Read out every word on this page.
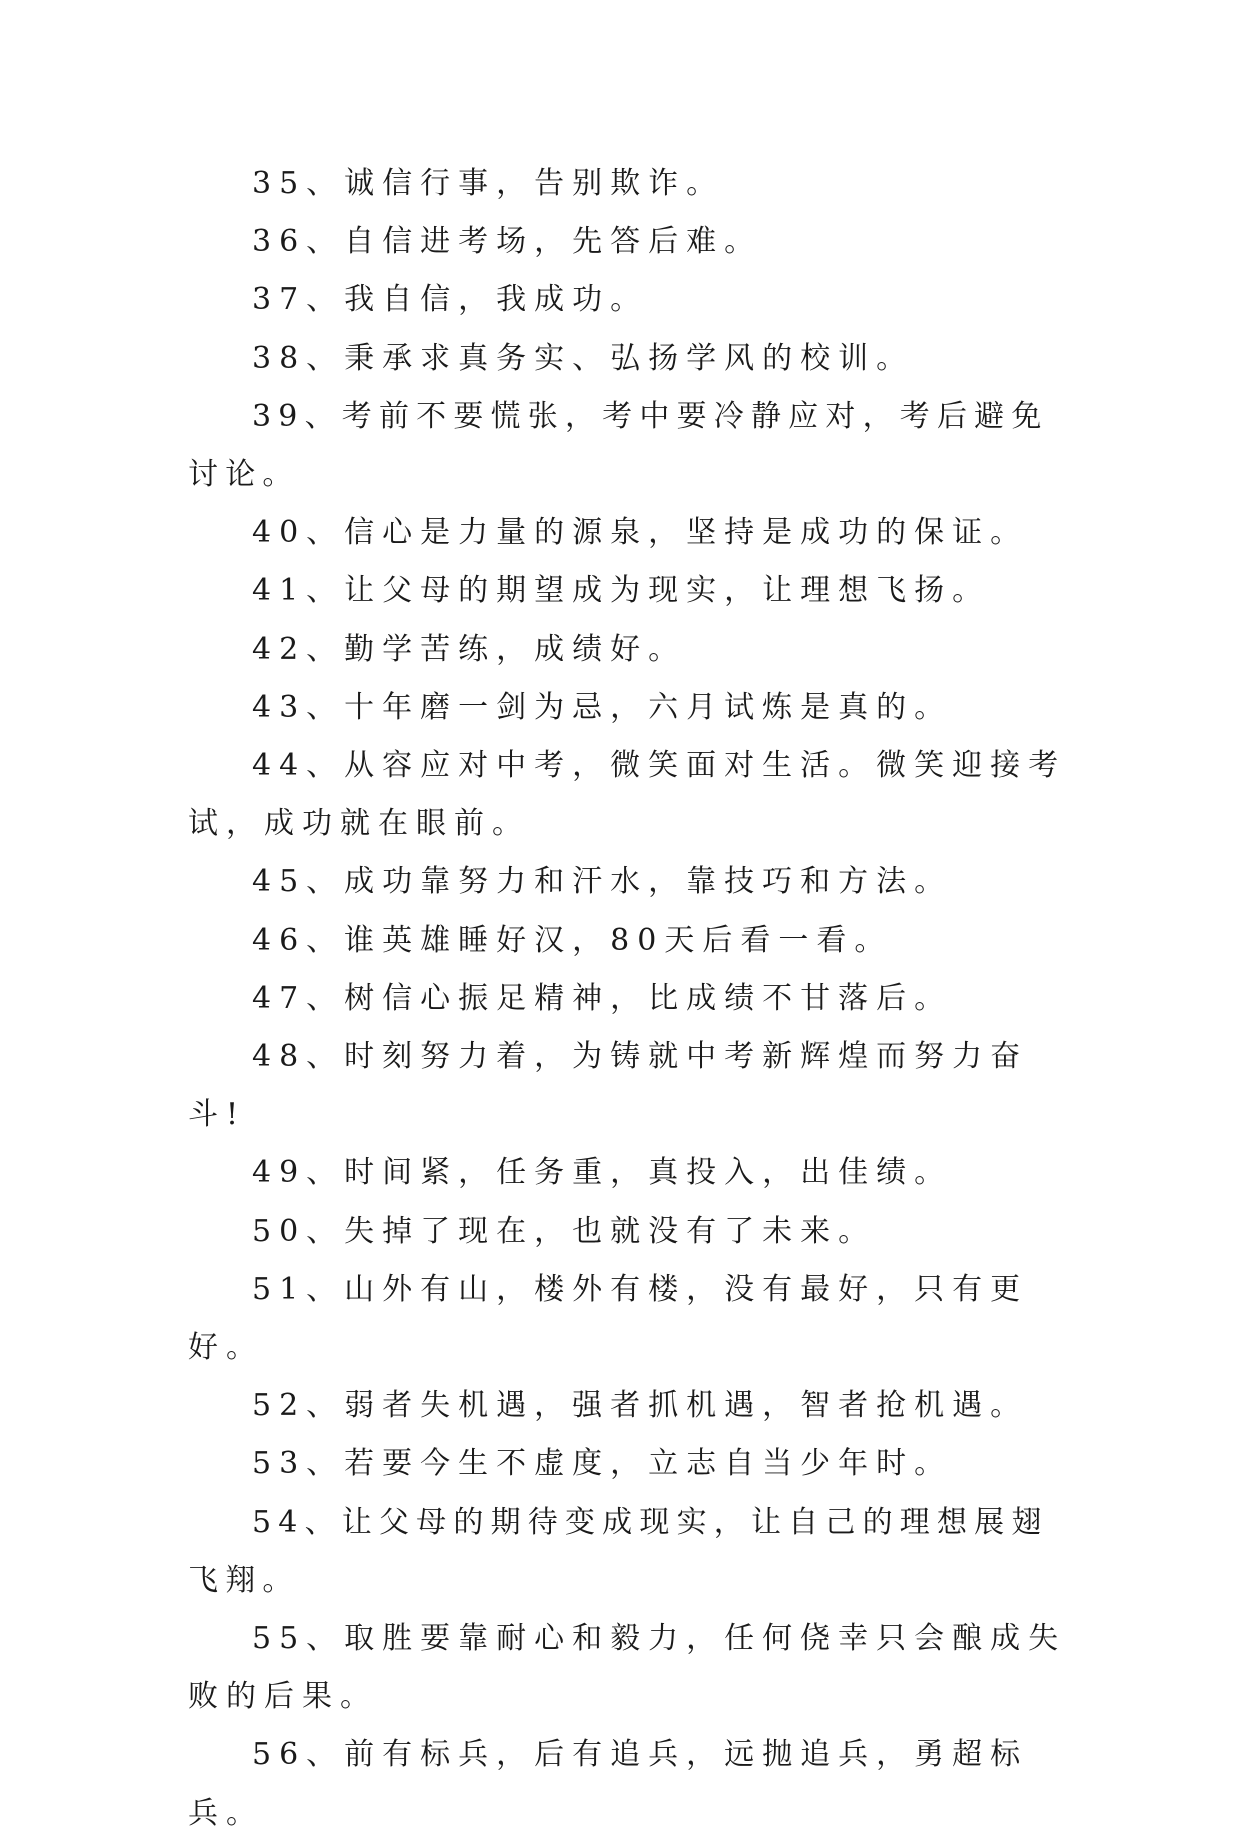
35、诚信行事，告别欺诈。

36、自信进考场，先答后难。

37、我自信，我成功。

38、秉承求真务实、弘扬学风的校训。

39、考前不要慌张，考中要冷静应对，考后避免讨论。

40、信心是力量的源泉，坚持是成功的保证。

41、让父母的期望成为现实，让理想飞扬。

42、勤学苦练，成绩好。

43、十年磨一剑为忌，六月试炼是真的。

44、从容应对中考，微笑面对生活。微笑迎接考试，成功就在眼前。

45、成功靠努力和汗水，靠技巧和方法。

46、谁英雄睡好汉，80天后看一看。

47、树信心振足精神，比成绩不甘落后。

48、时刻努力着，为铸就中考新辉煌而努力奋斗!

49、时间紧，任务重，真投入，出佳绩。

50、失掉了现在，也就没有了未来。

51、山外有山，楼外有楼，没有最好，只有更好。

52、弱者失机遇，强者抓机遇，智者抢机遇。

53、若要今生不虚度，立志自当少年时。

54、让父母的期待变成现实，让自己的理想展翅飞翔。

55、取胜要靠耐心和毅力，任何侥幸只会酿成失败的后果。

56、前有标兵，后有追兵，远抛追兵，勇超标兵。
